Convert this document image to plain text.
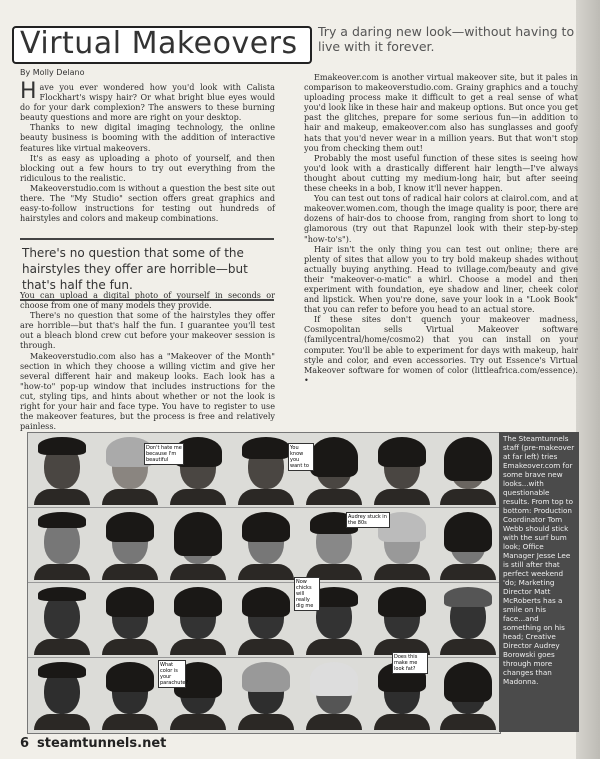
Virtual Makeovers Try a daring new look—without having to live with it forever.
By Molly Delano

Have you ever wondered how you'd look with Calista Flockhart's wispy hair? Or what bright blue eyes would do for your dark complexion? The answers to these burning beauty questions and more are right on your desktop.

Thanks to new digital imaging technology, the online beauty business is booming with the addition of interactive features like virtual makeovers.

It's as easy as uploading a photo of yourself, and then blocking out a few hours to try out everything from the ridiculous to the realistic.

Makeoverstudio.com is without a question the best site out there. The "My Studio" section offers great graphics and easy-to-follow instructions for testing out hundreds of hairstyles and colors and makeup combinations.

There's no question that some of the hairstyles they offer are horrible—but that's half the fun.

You can upload a digital photo of yourself in seconds or choose from one of many models they provide.

There's no question that some of the hairstyles they offer are horrible—but that's half the fun. I guarantee you'll test out a bleach blond crew cut before your makeover session is through.

Makeoverstudio.com also has a "Makeover of the Month" section in which they choose a willing victim and give her several different hair and makeup looks. Each look has a "how-to" pop-up window that includes instructions for the cut, styling tips, and hints about whether or not the look is right for your hair and face type. You have to register to use the makeover features, but the process is free and relatively painless.

Emakeover.com is another virtual makeover site, but it pales in comparison to makeoverstudio.com. Grainy graphics and a touchy uploading process make it difficult to get a real sense of what you'd look like in these hair and makeup options. But once you get past the glitches, prepare for some serious fun—in addition to hair and makeup, emakeover.com also has sunglasses and goofy hats that you'd never wear in a million years. But that won't stop you from checking them out!

Probably the most useful function of these sites is seeing how you'd look with a drastically different hair length—I've always thought about cutting my medium-long hair, but after seeing these cheeks in a bob, I know it'll never happen.

You can test out tons of radical hair colors at clairol.com, and at makeover.women.com, though the image quality is poor, there are dozens of hair-dos to choose from, ranging from short to long to glamorous (try out that Rapunzel look with their step-by-step "how-to's").

Hair isn't the only thing you can test out online; there are plenty of sites that allow you to try bold makeup shades without actually buying anything. Head to ivillage.com/beauty and give their "makeover-o-matic" a whirl. Choose a model and then experiment with foundation, eye shadow and liner, cheek color and lipstick. When you're done, save your look in a "Look Book" that you can refer to before you head to an actual store.

If these sites don't quench your makeover madness, Cosmopolitan sells Virtual Makeover software (familycentral/home/cosmo2) that you can install on your computer. You'll be able to experiment for days with makeup, hair style and color, and even accessories. Try out Essence's Virtual Makeover software for women of color (littleafrica.com/essence). •

Don't hate me because I'm beautiful
You know you want to
Audrey stuck in the 80s
Now chicks will really dig me
What color is your parachute?
Does this make me look fat?
The Steamtunnels staff (pre-makeover at far left) tries Emakeover.com for some brave new looks...with questionable results. From top to bottom: Production Coordinator Tom Webb should stick with the surf bum look; Office Manager Jesse Lee is still after that perfect weekend 'do; Marketing Director Matt McRoberts has a smile on his face...and something on his head; Creative Director Audrey Borowski goes through more changes than Madonna.
6 steamtunnels.net
